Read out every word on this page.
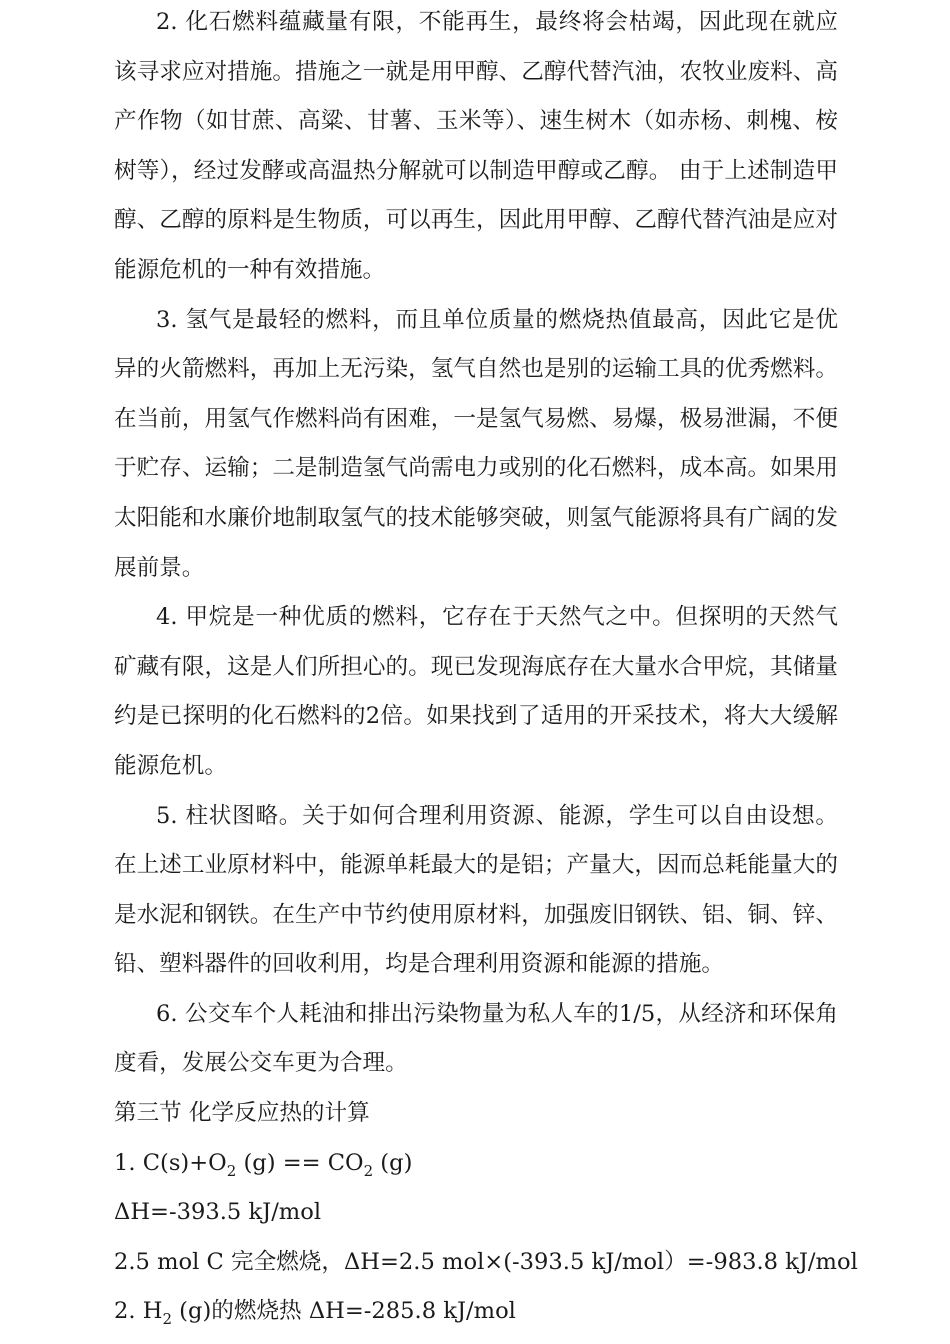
2. 化石燃料蕴藏量有限，不能再生，最终将会枯竭，因此现在就应该寻求应对措施。措施之一就是用甲醇、乙醇代替汽油，农牧业废料、高产作物（如甘蔗、高粱、甘薯、玉米等）、速生树木（如赤杨、刺槐、桉树等），经过发酵或高温热分解就可以制造甲醇或乙醇。 由于上述制造甲醇、乙醇的原料是生物质，可以再生，因此用甲醇、乙醇代替汽油是应对能源危机的一种有效措施。

3. 氢气是最轻的燃料，而且单位质量的燃烧热值最高，因此它是优异的火箭燃料，再加上无污染，氢气自然也是别的运输工具的优秀燃料。在当前，用氢气作燃料尚有困难，一是氢气易燃、易爆，极易泄漏，不便于贮存、运输；二是制造氢气尚需电力或别的化石燃料，成本高。如果用太阳能和水廉价地制取氢气的技术能够突破，则氢气能源将具有广阔的发展前景。

4. 甲烷是一种优质的燃料，它存在于天然气之中。但探明的天然气矿藏有限，这是人们所担心的。现已发现海底存在大量水合甲烷，其储量约是已探明的化石燃料的2倍。如果找到了适用的开采技术，将大大缓解能源危机。

5. 柱状图略。关于如何合理利用资源、能源，学生可以自由设想。在上述工业原材料中，能源单耗最大的是铝；产量大，因而总耗能量大的是水泥和钢铁。在生产中节约使用原材料，加强废旧钢铁、铝、铜、锌、铅、塑料器件的回收利用，均是合理利用资源和能源的措施。

6. 公交车个人耗油和排出污染物量为私人车的1/5，从经济和环保角度看，发展公交车更为合理。

第三节 化学反应热的计算

1. $C(s)+O_2$ $(g) == CO_2$ (g)

ΔH=-393.5 kJ/mol

2.5 mol C 完全燃烧，ΔH=2.5 mol×(-393.5 kJ/mol）=-983.8 kJ/mol

2. $H_2$ (g)的燃烧热 ΔH=-285.8 kJ/mol
